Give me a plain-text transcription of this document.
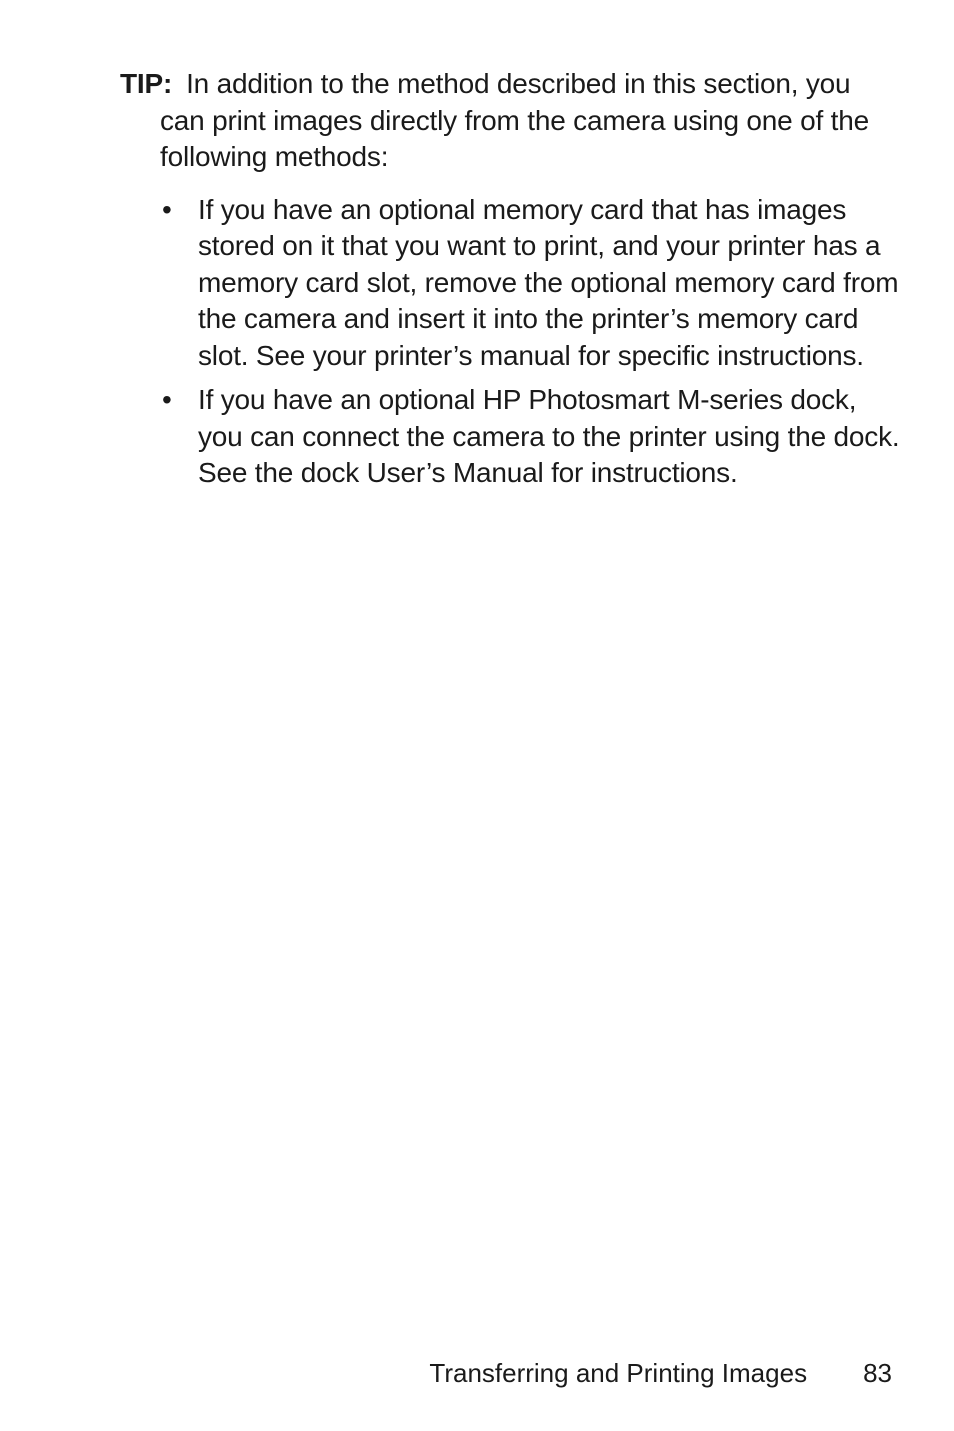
TIP: In addition to the method described in this section, you can print images directly from the camera using one of the following methods:

• If you have an optional memory card that has images stored on it that you want to print, and your printer has a memory card slot, remove the optional memory card from the camera and insert it into the printer’s memory card slot. See your printer’s manual for specific instructions.
• If you have an optional HP Photosmart M-series dock, you can connect the camera to the printer using the dock. See the dock User’s Manual for instructions.
Transferring and Printing Images 83
